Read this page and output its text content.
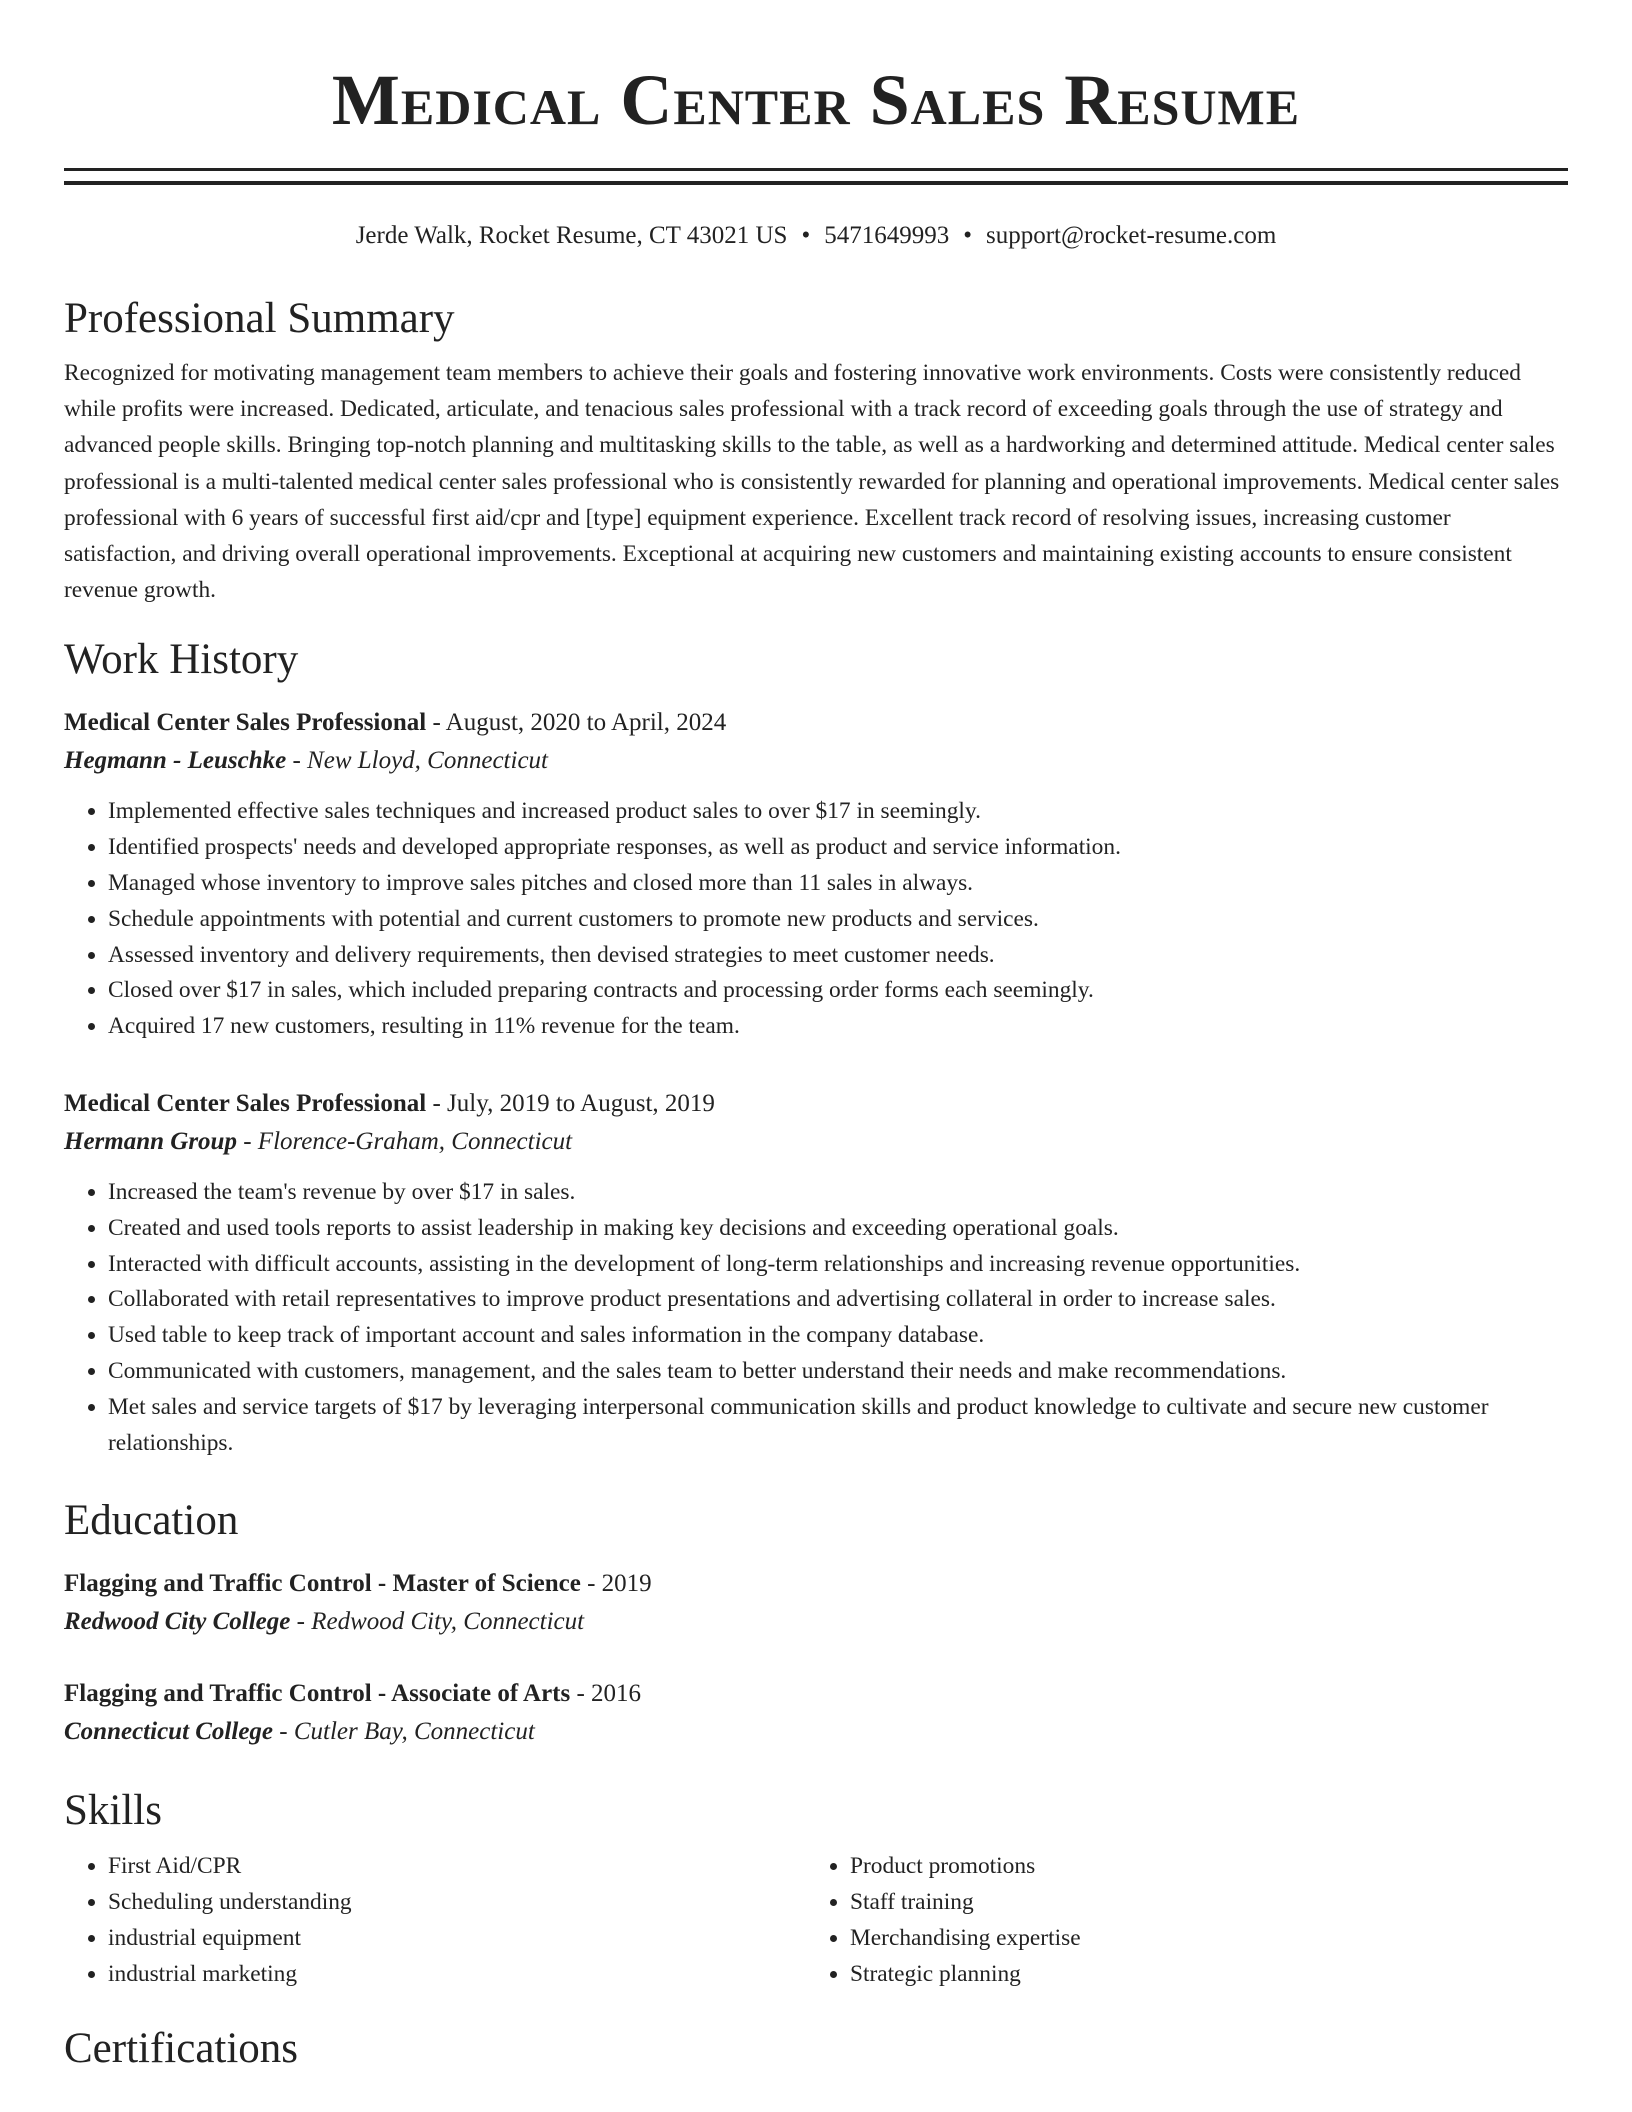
Medical Center Sales Resume
Jerde Walk, Rocket Resume, CT 43021 US • 5471649993 • support@rocket-resume.com
Professional Summary

Recognized for motivating management team members to achieve their goals and fostering innovative work environments. Costs were consistently reduced while profits were increased. Dedicated, articulate, and tenacious sales professional with a track record of exceeding goals through the use of strategy and advanced people skills. Bringing top-notch planning and multitasking skills to the table, as well as a hardworking and determined attitude. Medical center sales professional is a multi-talented medical center sales professional who is consistently rewarded for planning and operational improvements. Medical center sales professional with 6 years of successful first aid/cpr and [type] equipment experience. Excellent track record of resolving issues, increasing customer satisfaction, and driving overall operational improvements. Exceptional at acquiring new customers and maintaining existing accounts to ensure consistent revenue growth.

Work History
Medical Center Sales Professional - August, 2020 to April, 2024
Hegmann - Leuschke - New Lloyd, Connecticut
• Implemented effective sales techniques and increased product sales to over $17 in seemingly.
• Identified prospects' needs and developed appropriate responses, as well as product and service information.
• Managed whose inventory to improve sales pitches and closed more than 11 sales in always.
• Schedule appointments with potential and current customers to promote new products and services.
• Assessed inventory and delivery requirements, then devised strategies to meet customer needs.
• Closed over $17 in sales, which included preparing contracts and processing order forms each seemingly.
• Acquired 17 new customers, resulting in 11% revenue for the team.
Medical Center Sales Professional - July, 2019 to August, 2019
Hermann Group - Florence-Graham, Connecticut
• Increased the team's revenue by over $17 in sales.
• Created and used tools reports to assist leadership in making key decisions and exceeding operational goals.
• Interacted with difficult accounts, assisting in the development of long-term relationships and increasing revenue opportunities.
• Collaborated with retail representatives to improve product presentations and advertising collateral in order to increase sales.
• Used table to keep track of important account and sales information in the company database.
• Communicated with customers, management, and the sales team to better understand their needs and make recommendations.
• Met sales and service targets of $17 by leveraging interpersonal communication skills and product knowledge to cultivate and secure new customer relationships.
Education
Flagging and Traffic Control - Master of Science - 2019
Redwood City College - Redwood City, Connecticut
Flagging and Traffic Control - Associate of Arts - 2016
Connecticut College - Cutler Bay, Connecticut
Skills
• First Aid/CPR
• Scheduling understanding
• industrial equipment
• industrial marketing
• Product promotions
• Staff training
• Merchandising expertise
• Strategic planning
Certifications
